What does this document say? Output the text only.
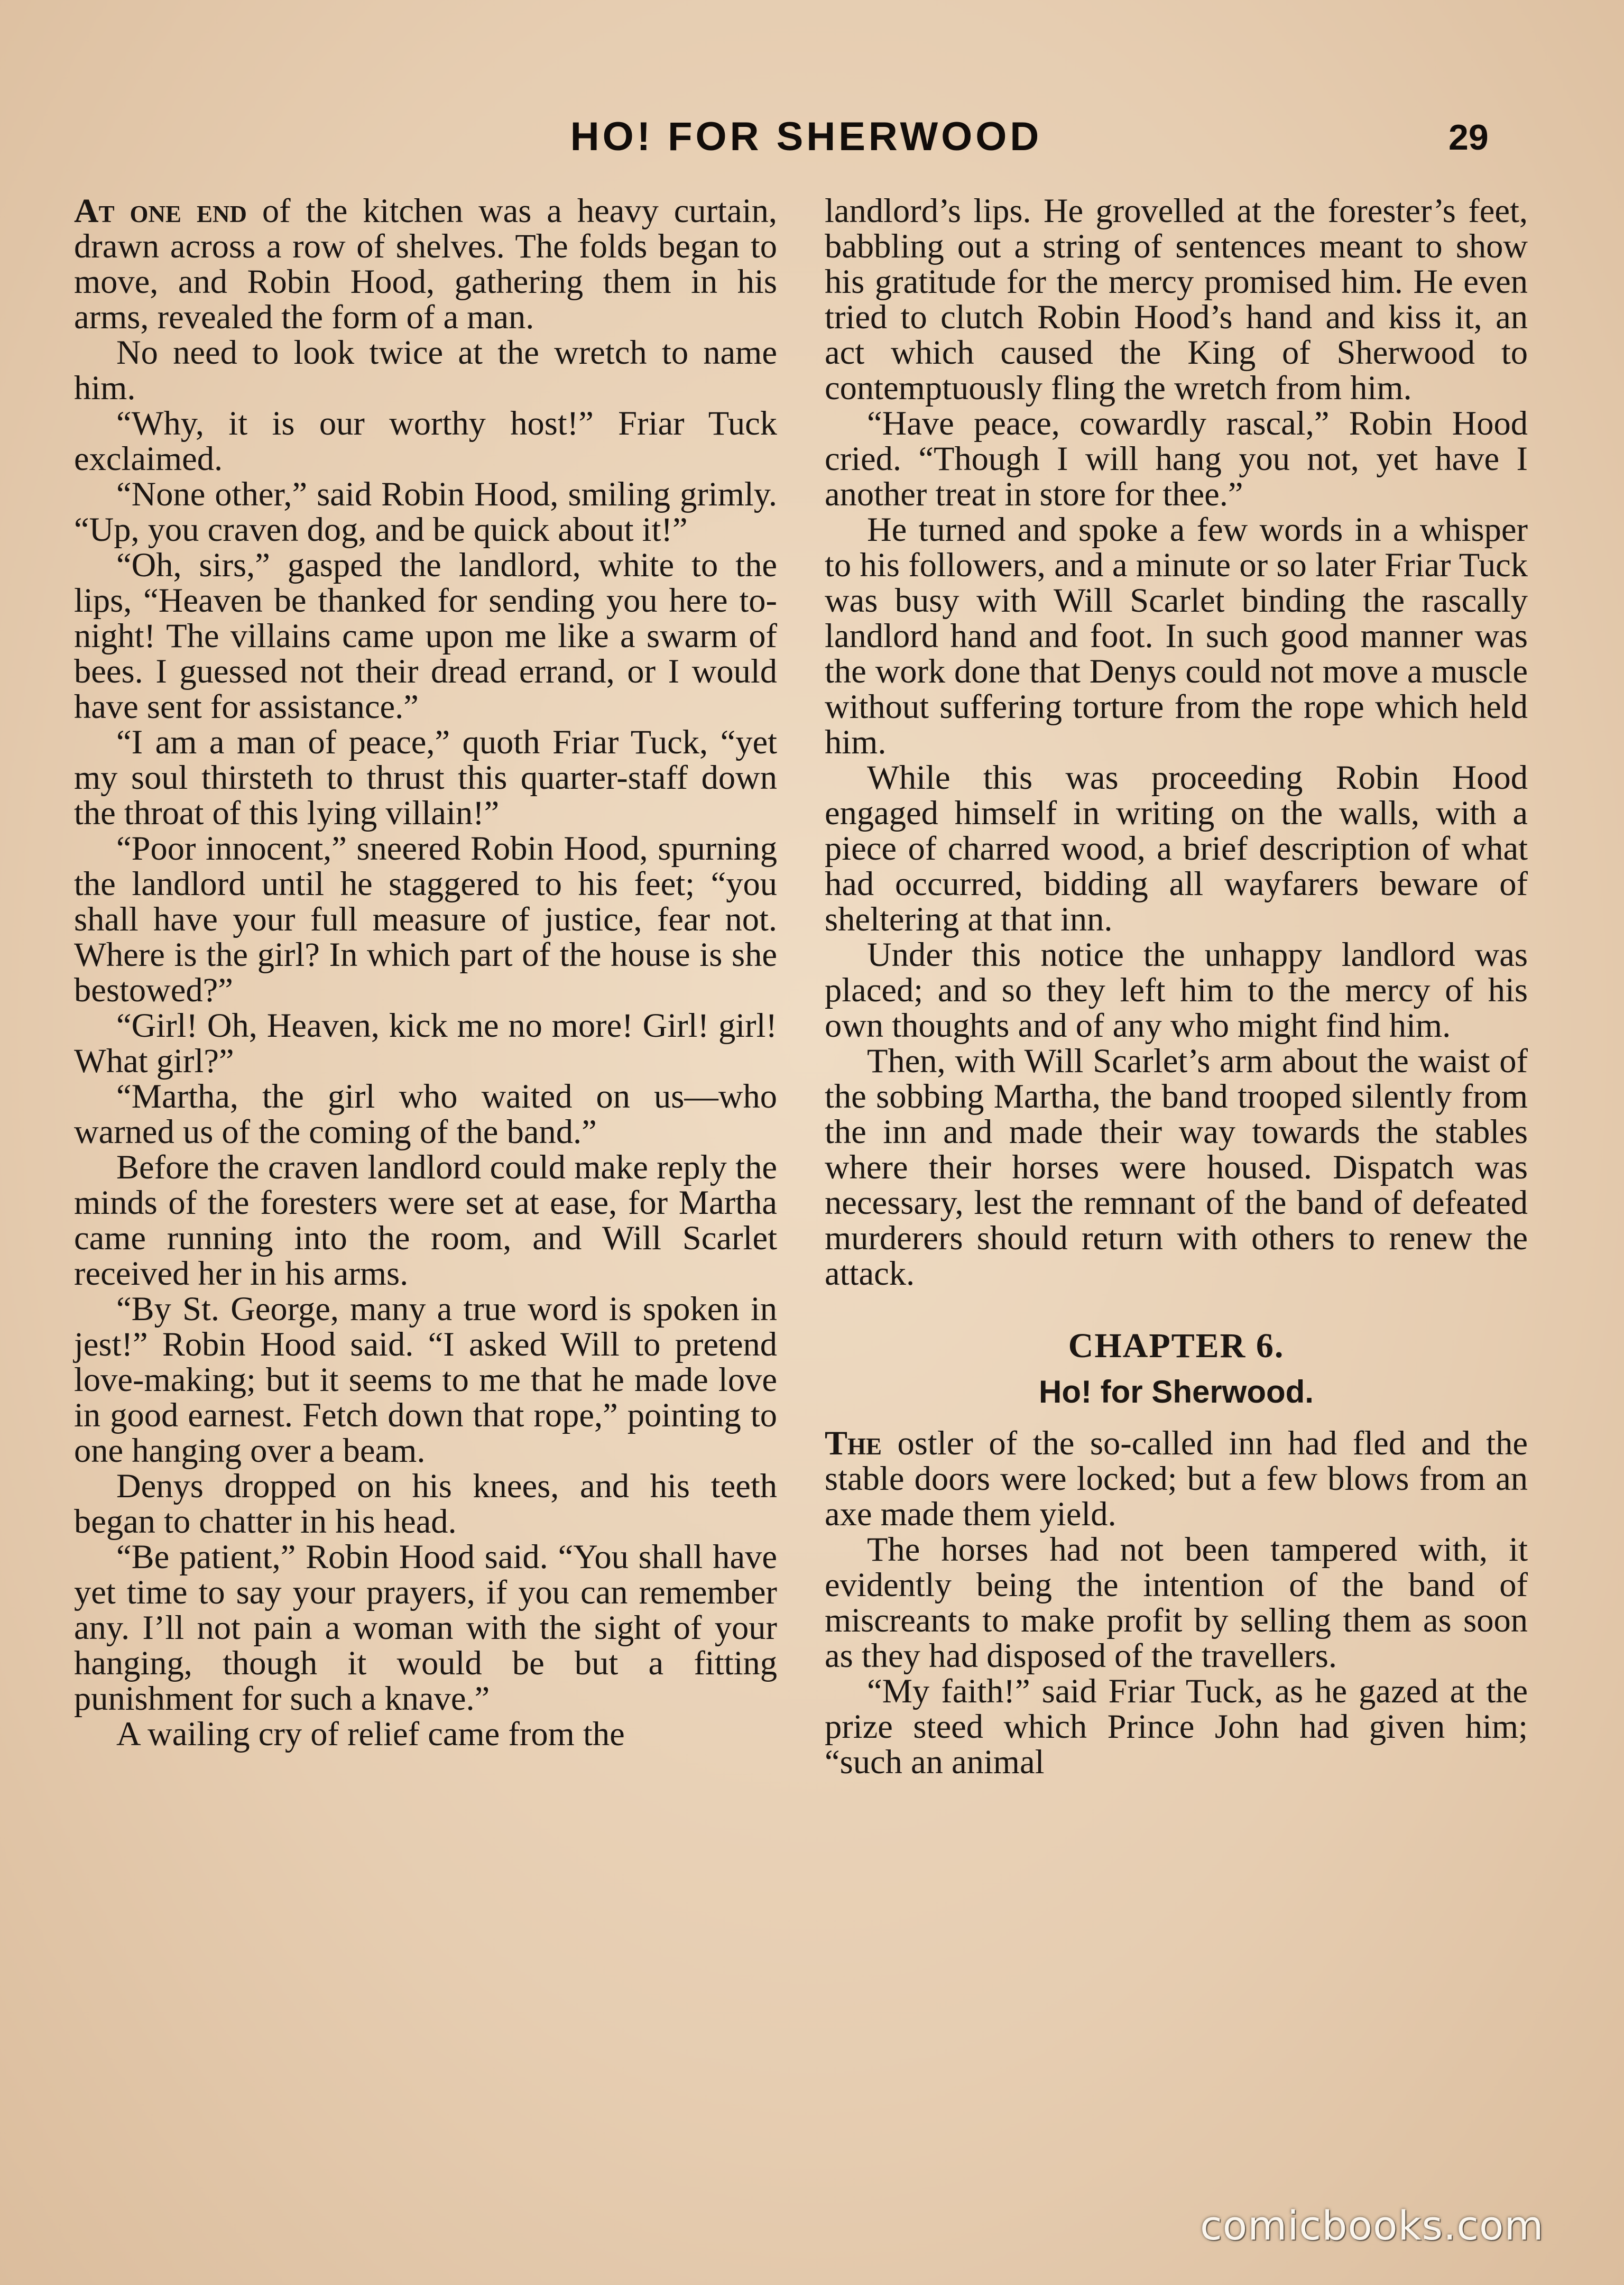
HO! FOR SHERWOOD	29

At one end of the kitchen was a heavy curtain, drawn across a row of shelves. The folds began to move, and Robin Hood, gathering them in his arms, revealed the form of a man.

No need to look twice at the wretch to name him.

“Why, it is our worthy host!” Friar Tuck exclaimed.

“None other,” said Robin Hood, smiling grimly. “Up, you craven dog, and be quick about it!”

“Oh, sirs,” gasped the landlord, white to the lips, “Heaven be thanked for sending you here to-night! The villains came upon me like a swarm of bees. I guessed not their dread errand, or I would have sent for assistance.”

“I am a man of peace,” quoth Friar Tuck, “yet my soul thirsteth to thrust this quarter-staff down the throat of this lying villain!”

“Poor innocent,” sneered Robin Hood, spurning the landlord until he staggered to his feet; “you shall have your full measure of justice, fear not. Where is the girl? In which part of the house is she bestowed?”

“Girl! Oh, Heaven, kick me no more! Girl! girl! What girl?”

“Martha, the girl who waited on us—who warned us of the coming of the band.”

Before the craven landlord could make reply the minds of the foresters were set at ease, for Martha came running into the room, and Will Scarlet received her in his arms.

“By St. George, many a true word is spoken in jest!” Robin Hood said. “I asked Will to pretend love-making; but it seems to me that he made love in good earnest. Fetch down that rope,” pointing to one hanging over a beam.

Denys dropped on his knees, and his teeth began to chatter in his head.

“Be patient,” Robin Hood said. “You shall have yet time to say your prayers, if you can remember any. I’ll not pain a woman with the sight of your hanging, though it would be but a fitting punishment for such a knave.”

A wailing cry of relief came from the

landlord’s lips. He grovelled at the forester’s feet, babbling out a string of sentences meant to show his gratitude for the mercy promised him. He even tried to clutch Robin Hood’s hand and kiss it, an act which caused the King of Sherwood to contemptuously fling the wretch from him.

“Have peace, cowardly rascal,” Robin Hood cried. “Though I will hang you not, yet have I another treat in store for thee.”

He turned and spoke a few words in a whisper to his followers, and a minute or so later Friar Tuck was busy with Will Scarlet binding the rascally landlord hand and foot. In such good manner was the work done that Denys could not move a muscle without suffering torture from the rope which held him.

While this was proceeding Robin Hood engaged himself in writing on the walls, with a piece of charred wood, a brief description of what had occurred, bidding all wayfarers beware of sheltering at that inn.

Under this notice the unhappy landlord was placed; and so they left him to the mercy of his own thoughts and of any who might find him.

Then, with Will Scarlet’s arm about the waist of the sobbing Martha, the band trooped silently from the inn and made their way towards the stables where their horses were housed. Dispatch was necessary, lest the remnant of the band of defeated murderers should return with others to renew the attack.

CHAPTER 6.
Ho! for Sherwood.

The ostler of the so-called inn had fled and the stable doors were locked; but a few blows from an axe made them yield.

The horses had not been tampered with, it evidently being the intention of the band of miscreants to make profit by selling them as soon as they had disposed of the travellers.

“My faith!” said Friar Tuck, as he gazed at the prize steed which Prince John had given him; “such an animal

comicbooks.com
